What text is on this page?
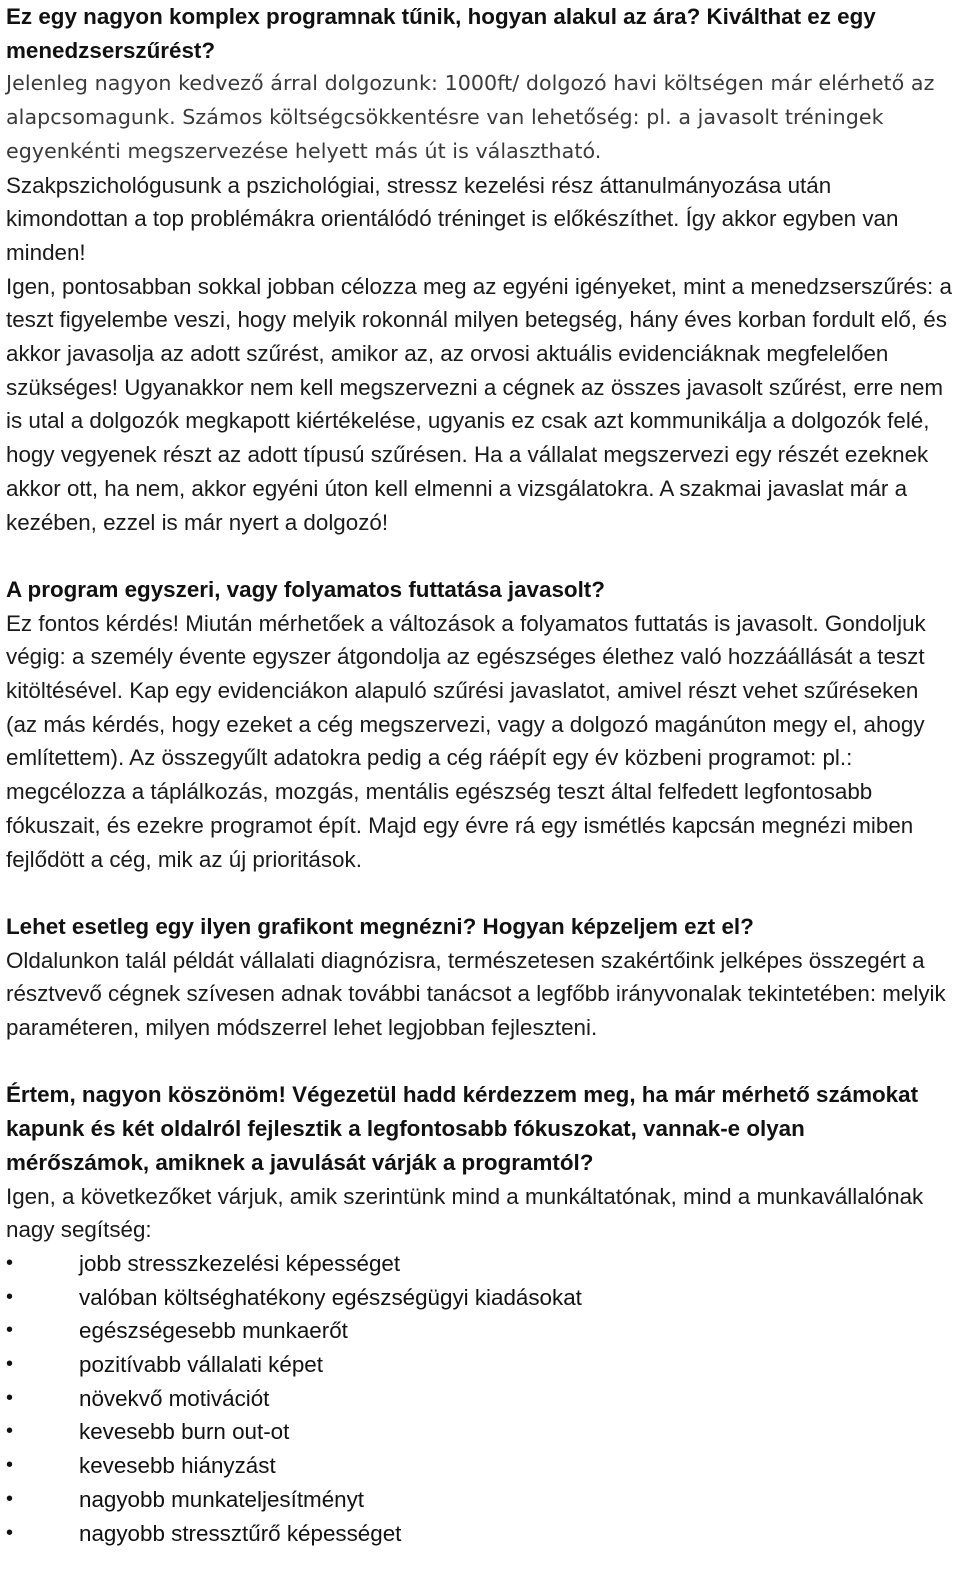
Ez egy nagyon komplex programnak tűnik, hogyan alakul az ára? Kiválthat ez egy menedzserszűrést?

Jelenleg nagyon kedvező árral dolgozunk: 1000ft/ dolgozó havi költségen már elérhető az alapcsomagunk. Számos költségcsökkentésre van lehetőség: pl. a javasolt tréningek egyenkénti megszervezése helyett más út is választható.

Szakpszichológusunk a pszichológiai, stressz kezelési rész áttanulmányozása után kimondottan a top problémákra orientálódó tréninget is előkészíthet. Így akkor egyben van minden!

Igen, pontosabban sokkal jobban célozza meg az egyéni igényeket, mint a menedzserszűrés: a teszt figyelembe veszi, hogy melyik rokonnál milyen betegség, hány éves korban fordult elő, és akkor javasolja az adott szűrést, amikor az, az orvosi aktuális evidenciáknak megfelelően szükséges! Ugyanakkor nem kell megszervezni a cégnek az összes javasolt szűrést, erre nem is utal a dolgozók megkapott kiértékelése, ugyanis ez csak azt kommunikálja a dolgozók felé, hogy vegyenek részt az adott típusú szűrésen. Ha a vállalat megszervezi egy részét ezeknek akkor ott, ha nem, akkor egyéni úton kell elmenni a vizsgálatokra. A szakmai javaslat már a kezében, ezzel is már nyert a dolgozó!

A program egyszeri, vagy folyamatos futtatása javasolt?

Ez fontos kérdés! Miután mérhetőek a változások a folyamatos futtatás is javasolt. Gondoljuk végig: a személy évente egyszer átgondolja az egészséges élethez való hozzáállását a teszt kitöltésével. Kap egy evidenciákon alapuló szűrési javaslatot, amivel részt vehet szűréseken (az más kérdés, hogy ezeket a cég megszervezi, vagy a dolgozó magánúton megy el, ahogy említettem). Az összegyűlt adatokra pedig a cég ráépít egy év közbeni programot: pl.: megcélozza a táplálkozás, mozgás, mentális egészség teszt által felfedett legfontosabb fókuszait, és ezekre programot épít. Majd egy évre rá egy ismétlés kapcsán megnézi miben fejlődött a cég, mik az új prioritások.

Lehet esetleg egy ilyen grafikont megnézni? Hogyan képzeljem ezt el?

Oldalunkon talál példát vállalati diagnózisra, természetesen szakértőink jelképes összegért a résztvevő cégnek szívesen adnak további tanácsot a legfőbb irányvonalak tekintetében: melyik paraméteren, milyen módszerrel lehet legjobban fejleszteni.

Értem, nagyon köszönöm! Végezetül hadd kérdezzem meg, ha már mérhető számokat kapunk és két oldalról fejlesztik a legfontosabb fókuszokat, vannak-e olyan mérőszámok, amiknek a javulását várják a programtól?

Igen, a következőket várjuk, amik szerintünk mind a munkáltatónak, mind a munkavállalónak nagy segítség:

•	jobb stresszkezelési képességet
•	valóban költséghatékony egészségügyi kiadásokat
•	egészségesebb munkaerőt
•	pozitívabb vállalati képet
•	növekvő motivációt
•	kevesebb burn out-ot
•	kevesebb hiányzást
•	nagyobb munkateljesítményt
•	nagyobb stressztűrő képességet
